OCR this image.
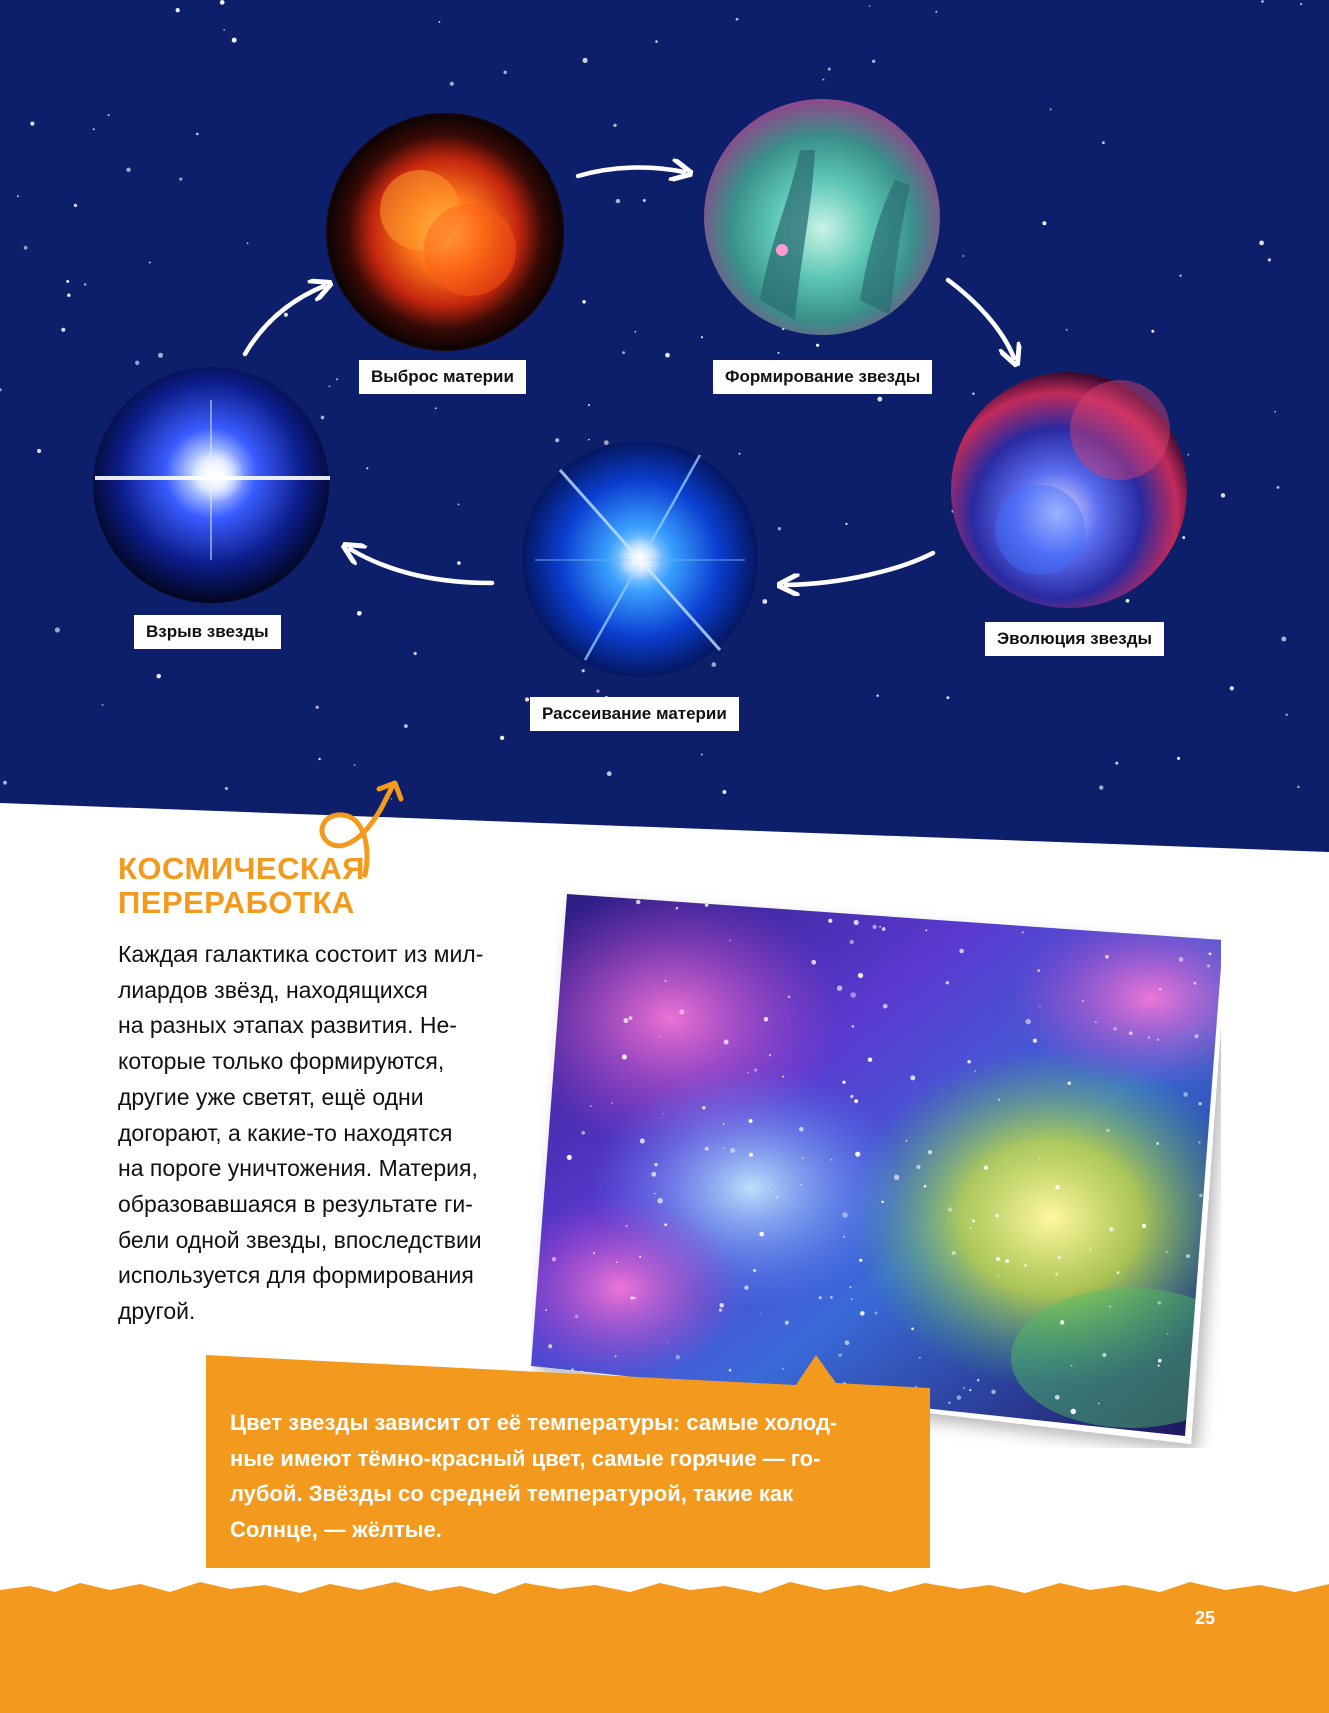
Выброс материи	Формирование звезды
Эволюция звезды
Рассеивание материи
Взрыв звезды
КОСМИЧЕСКАЯ
ПЕРЕРАБОТКА
Каждая галактика состоит из мил-
лиардов звёзд, находящихся
на разных этапах развития. Не-
которые только формируются,
другие уже светят, ещё одни
догорают, а какие-то находятся
на пороге уничтожения. Материя,
образовавшаяся в результате ги-
бели одной звезды, впоследствии
используется для формирования
другой.
Цвет звезды зависит от её температуры: самые холод-
ные имеют тёмно-красный цвет, самые горячие — го-
лубой. Звёзды со средней температурой, такие как
Солнце, — жёлтые.
25
